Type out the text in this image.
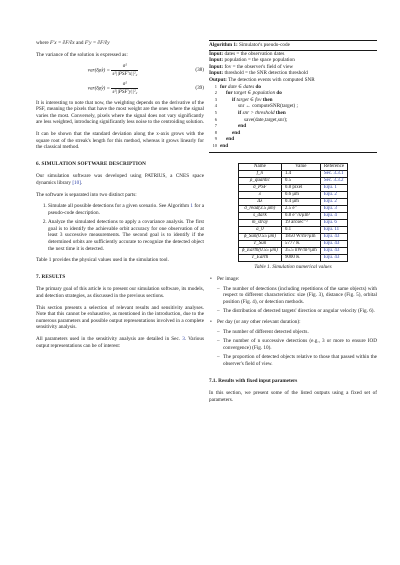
where F′x = ∂F/∂x and F′y = ∂F/∂y

The variance of the solution is expressed as:

var(δρ̂x) = $\frac{\text{σ²}}{\text{s²||PSF′x||²₂}}$	(38)
var(δρ̂y) = $\frac{\text{σ²}}{\text{s²||PSF′y||²₂}}$	(39)

It is interesting to note that now, the weighting depends on the derivative of the PSF, meaning the pixels that have the most weight are the ones where the signal varies the most. Conversely, pixels where the signal does not vary significantly are less weighted, introducing significantly less noise to the centroiding solution.

It can be shown that the standard deviation along the x-axis grows with the square root of the streak's length for this method, whereas it grows linearly for the classical method.

6. SIMULATION SOFTWARE DESCRIPTION

Our simulation software was developed using PATRIUS, a CNES space dynamics library [10].

The software is separated into two distinct parts:

1. Simulate all possible detections for a given scenario. See Algorithm 1 for a pseudo-code description.
2. Analyze the simulated detections to apply a covariance analysis. The first goal is to identify the achievable orbit accuracy for one observation of at least 3 successive measurements. The second goal is to identify if the determined orbits are sufficiently accurate to recognize the detected object the next time it is detected.

Table 1 provides the physical values used in the simulation tool.

7. RESULTS

The primary goal of this article is to present our simulation software, its models, and detection strategies, as discussed in the previous sections.

This section presents a selection of relevant results and sensitivity analyses. Note that this cannot be exhaustive, as mentioned in the introduction, due to the numerous parameters and possible output representations involved in a complete sensitivity analysis.

All parameters used in the sensitivity analysis are detailed in Sec. 3. Various output representations can be of interest:

Algorithm 1: Simulator's pseudo-code
Input: dates = the observation dates
Input: population = the space population
Input: fov = the observer's field of view
Input: threshold = the SNR detection threshold
Output: The detection events with computed SNR
1 for date ∈ dates do
2	for target ∈ population do
3	if target ∈ fov then
4	snr ← computeSNR(target) ;
5	if snr > threshold then
6	save(date,target,snr);
7	end
8	end
9	end
10 end
Name	Value	Reference
f_n	1.4	Sec. 3.3.1
ρ_quantic	0.5	Sec. 3.3.2
σ_PSF	0.8 pixel	Equ. 1
λ	0.6 μm	Equ. 2
Δλ	0.4 μm	Equ. 2
σ_read(3.5 μm)	2.5 e⁻	Equ. 3
s_dark	0.8 e⁻/s/μm²	Equ. 4
m_stray	19 arcsec⁻²	Equ. 6
a_0	0.1	Equ. 11
ϕ_Sun(0.55 μm)	1850 W/m²/μm	Equ. 43
T_Sun	5777 K	Equ. 43
ϕ_Earth(0.55 μm)	35.5 nW/m²/μm	Equ. 43
T_Earth	9000 K	Equ. 43
Table 1. Simulation numerical values
• Per image:
– The number of detections (including repetitions of the same objects) with respect to different characteristics: size (Fig. 3), distance (Fig. 5), orbital position (Fig. 4), or detection methods.
– The distribution of detected targets' direction or angular velocity (Fig. 6).
• Per day (or any other relevant duration):
– The number of different detected objects.
– The number of n successive detections (e.g., 3 or more to ensure IOD convergence) (Fig. 10).
– The proportion of detected objects relative to those that passed within the observer's field of view.
7.1. Results with fixed input parameters

In this section, we present some of the listed outputs using a fixed set of parameters.
